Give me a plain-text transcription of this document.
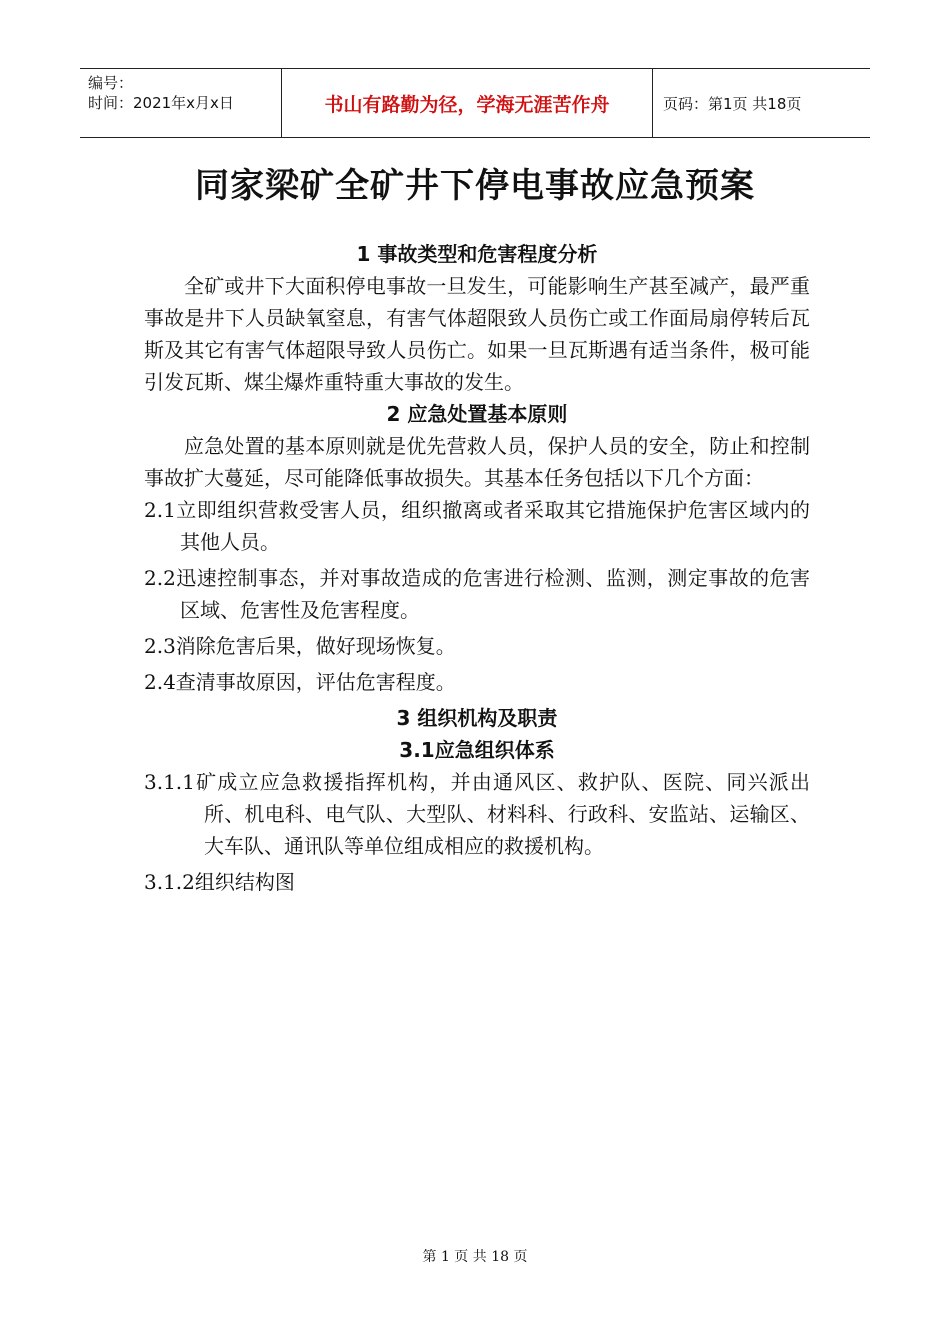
编号：
时间：2021年x月x日	书山有路勤为径，学海无涯苦作舟	页码：第1页 共18页
同家梁矿全矿井下停电事故应急预案
1 事故类型和危害程度分析
全矿或井下大面积停电事故一旦发生，可能影响生产甚至减产，最严重事故是井下人员缺氧窒息，有害气体超限致人员伤亡或工作面局扇停转后瓦斯及其它有害气体超限导致人员伤亡。如果一旦瓦斯遇有适当条件，极可能引发瓦斯、煤尘爆炸重特重大事故的发生。
2 应急处置基本原则
应急处置的基本原则就是优先营救人员，保护人员的安全，防止和控制事故扩大蔓延，尽可能降低事故损失。其基本任务包括以下几个方面：
2.1立即组织营救受害人员，组织撤离或者采取其它措施保护危害区域内的其他人员。
2.2迅速控制事态，并对事故造成的危害进行检测、监测，测定事故的危害区域、危害性及危害程度。
2.3消除危害后果，做好现场恢复。
2.4查清事故原因，评估危害程度。
3 组织机构及职责
3.1应急组织体系
3.1.1矿成立应急救援指挥机构，并由通风区、救护队、医院、同兴派出所、机电科、电气队、大型队、材料科、行政科、安监站、运输区、大车队、通讯队等单位组成相应的救援机构。
3.1.2组织结构图
第 1 页 共 18 页
